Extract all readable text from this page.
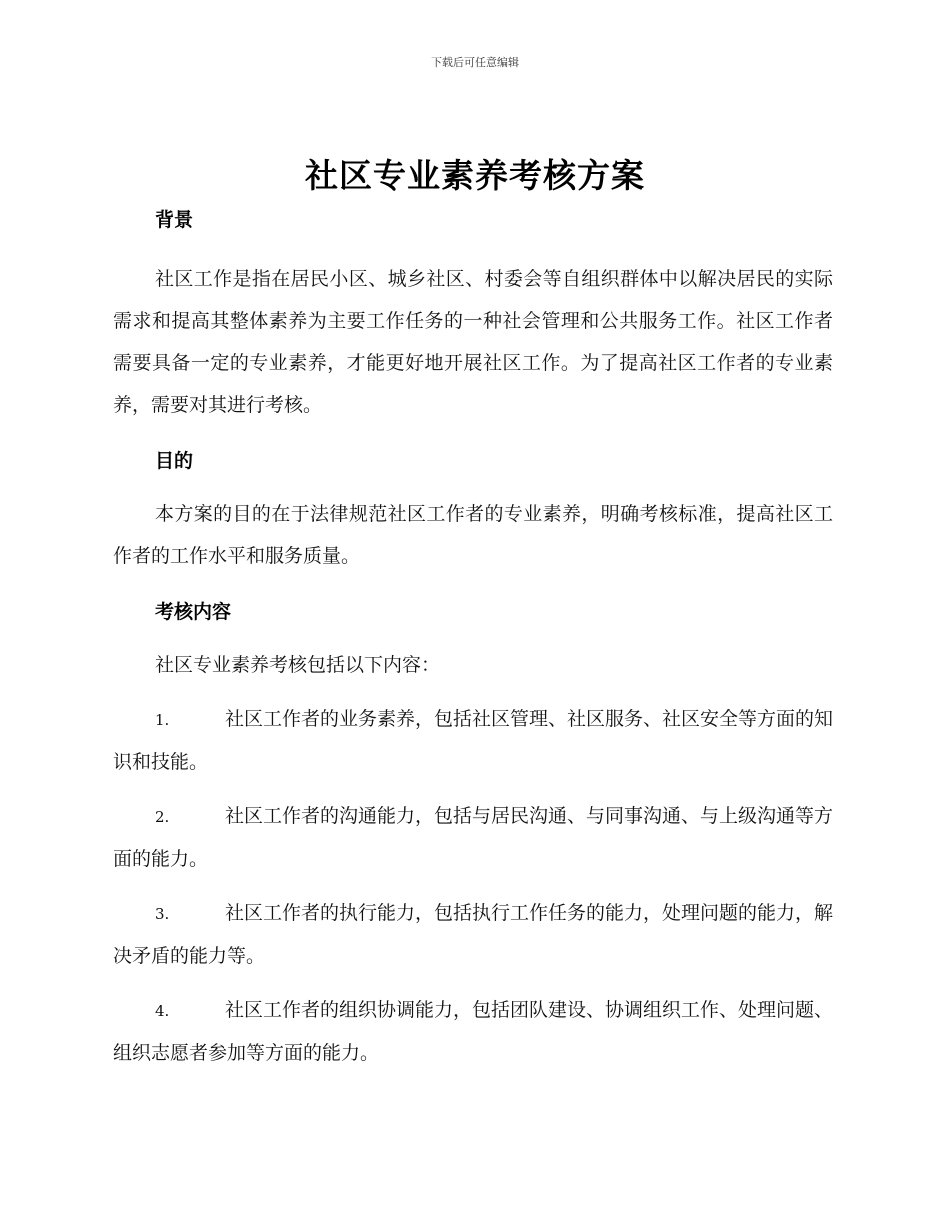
下载后可任意编辑
社区专业素养考核方案
背景

社区工作是指在居民小区、城乡社区、村委会等自组织群体中以解决居民的实际需求和提高其整体素养为主要工作任务的一种社会管理和公共服务工作。社区工作者需要具备一定的专业素养，才能更好地开展社区工作。为了提高社区工作者的专业素养，需要对其进行考核。

目的

本方案的目的在于法律规范社区工作者的专业素养，明确考核标准，提高社区工作者的工作水平和服务质量。

考核内容

社区专业素养考核包括以下内容：

1.	社区工作者的业务素养，包括社区管理、社区服务、社区安全等方面的知识和技能。

2.	社区工作者的沟通能力，包括与居民沟通、与同事沟通、与上级沟通等方面的能力。

3.	社区工作者的执行能力，包括执行工作任务的能力，处理问题的能力，解决矛盾的能力等。

4.	社区工作者的组织协调能力，包括团队建设、协调组织工作、处理问题、组织志愿者参加等方面的能力。
